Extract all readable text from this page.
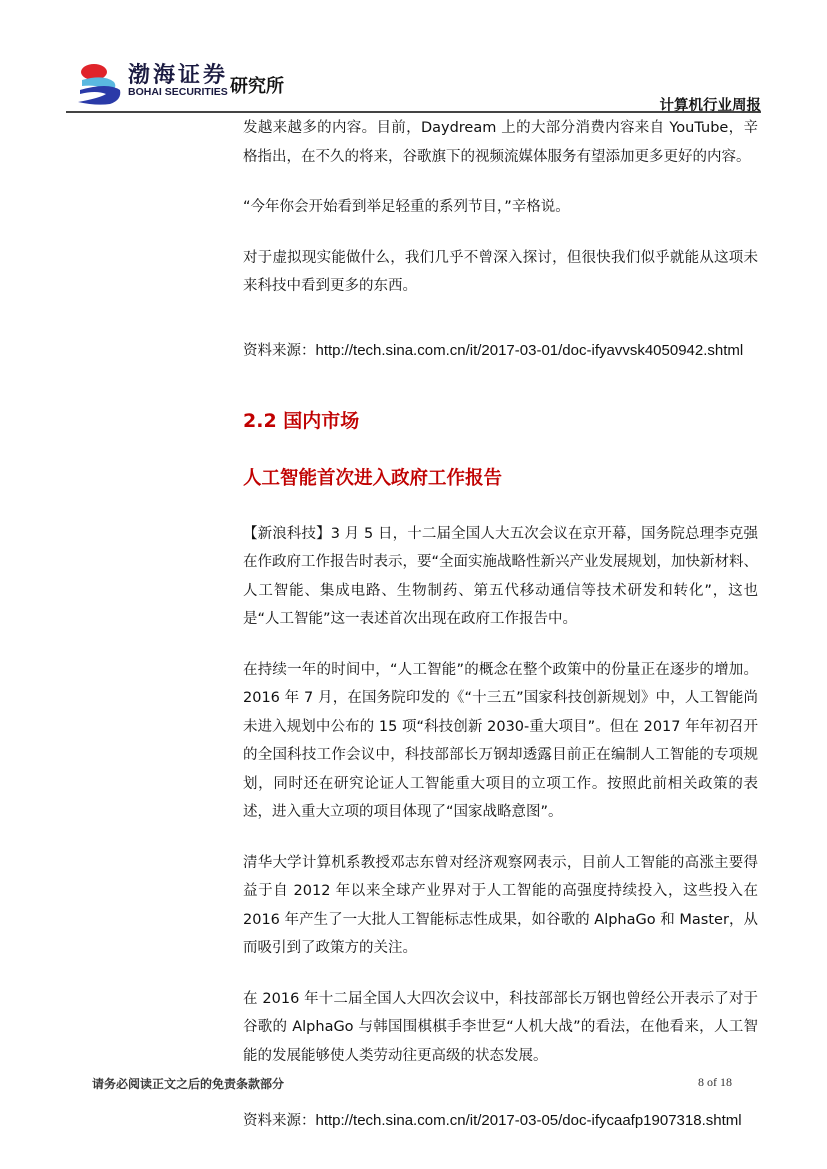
渤海证券
BOHAI SECURITIES 研究所
计算机行业周报

发越来越多的内容。目前，Daydream 上的大部分消费内容来自 YouTube，辛格指出，在不久的将来，谷歌旗下的视频流媒体服务有望添加更多更好的内容。

“今年你会开始看到举足轻重的系列节目，”辛格说。

对于虚拟现实能做什么，我们几乎不曾深入探讨，但很快我们似乎就能从这项未来科技中看到更多的东西。

资料来源：http://tech.sina.com.cn/it/2017-03-01/doc-ifyavvsk4050942.shtml

2.2 国内市场
人工智能首次进入政府工作报告

【新浪科技】3 月 5 日，十二届全国人大五次会议在京开幕，国务院总理李克强在作政府工作报告时表示，要“全面实施战略性新兴产业发展规划，加快新材料、人工智能、集成电路、生物制药、第五代移动通信等技术研发和转化”，这也是“人工智能”这一表述首次出现在政府工作报告中。

在持续一年的时间中，“人工智能”的概念在整个政策中的份量正在逐步的增加。2016 年 7 月，在国务院印发的《“十三五”国家科技创新规划》中，人工智能尚未进入规划中公布的 15 项“科技创新 2030-重大项目”。但在 2017 年年初召开的全国科技工作会议中，科技部部长万钢却透露目前正在编制人工智能的专项规划，同时还在研究论证人工智能重大项目的立项工作。按照此前相关政策的表述，进入重大立项的项目体现了“国家战略意图”。

清华大学计算机系教授邓志东曾对经济观察网表示，目前人工智能的高涨主要得益于自 2012 年以来全球产业界对于人工智能的高强度持续投入，这些投入在 2016 年产生了一大批人工智能标志性成果，如谷歌的 AlphaGo 和 Master，从而吸引到了政策方的关注。

在 2016 年十二届全国人大四次会议中，科技部部长万钢也曾经公开表示了对于谷歌的 AlphaGo 与韩国围棋棋手李世乭“人机大战”的看法，在他看来，人工智能的发展能够使人类劳动往更高级的状态发展。

资料来源：http://tech.sina.com.cn/it/2017-03-05/doc-ifycaafp1907318.shtml

请务必阅读正文之后的免责条款部分	8 of 18
